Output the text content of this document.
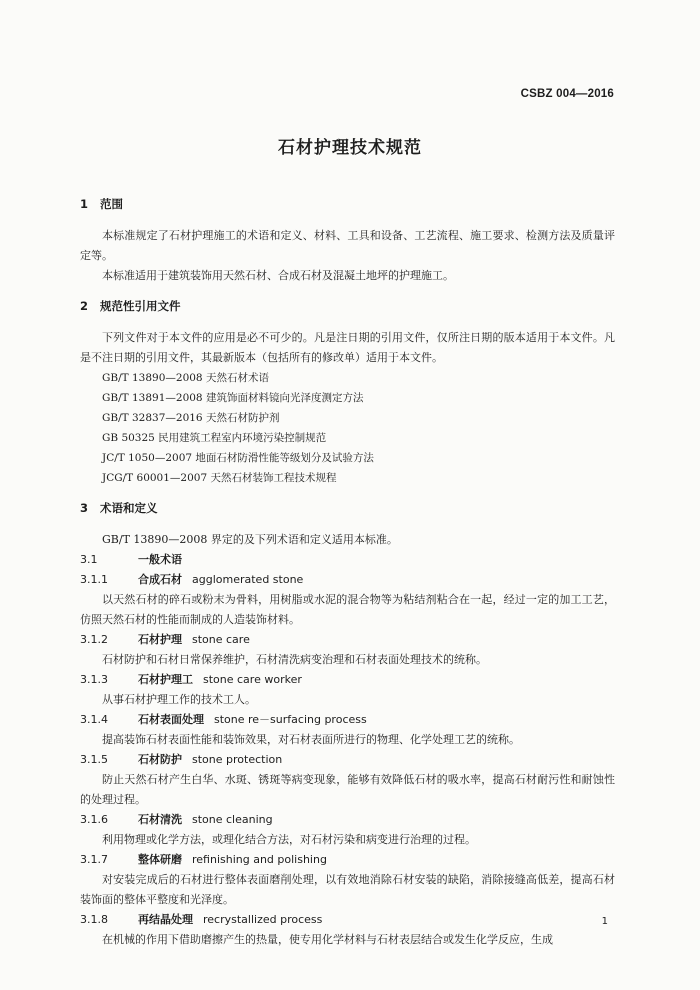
CSBZ 004—2016
石材护理技术规范
1 范围

本标准规定了石材护理施工的术语和定义、材料、工具和设备、工艺流程、施工要求、检测方法及质量评定等。

本标准适用于建筑装饰用天然石材、合成石材及混凝土地坪的护理施工。

2 规范性引用文件

下列文件对于本文件的应用是必不可少的。凡是注日期的引用文件，仅所注日期的版本适用于本文件。凡是不注日期的引用文件，其最新版本（包括所有的修改单）适用于本文件。

GB/T 13890—2008 天然石材术语

GB/T 13891—2008 建筑饰面材料镜向光泽度测定方法

GB/T 32837—2016 天然石材防护剂

GB 50325 民用建筑工程室内环境污染控制规范

JC/T 1050—2007 地面石材防滑性能等级划分及试验方法

JCG/T 60001—2007 天然石材装饰工程技术规程

3 术语和定义

GB/T 13890—2008 界定的及下列术语和定义适用本标准。

3.1	一般术语
3.1.1	合成石材 agglomerated stone

以天然石材的碎石或粉末为骨料，用树脂或水泥的混合物等为粘结剂粘合在一起，经过一定的加工工艺，仿照天然石材的性能而制成的人造装饰材料。

3.1.2	石材护理 stone care

石材防护和石材日常保养维护，石材清洗病变治理和石材表面处理技术的统称。

3.1.3	石材护理工 stone care worker

从事石材护理工作的技术工人。

3.1.4	石材表面处理 stone re－surfacing process

提高装饰石材表面性能和装饰效果，对石材表面所进行的物理、化学处理工艺的统称。

3.1.5	石材防护 stone protection

防止天然石材产生白华、水斑、锈斑等病变现象，能够有效降低石材的吸水率，提高石材耐污性和耐蚀性的处理过程。

3.1.6	石材清洗 stone cleaning

利用物理或化学方法，或理化结合方法，对石材污染和病变进行治理的过程。

3.1.7	整体研磨 refinishing and polishing

对安装完成后的石材进行整体表面磨削处理，以有效地消除石材安装的缺陷，消除接缝高低差，提高石材装饰面的整体平整度和光泽度。

3.1.8	再结晶处理 recrystallized process

在机械的作用下借助磨擦产生的热量，使专用化学材料与石材表层结合或发生化学反应，生成

1
